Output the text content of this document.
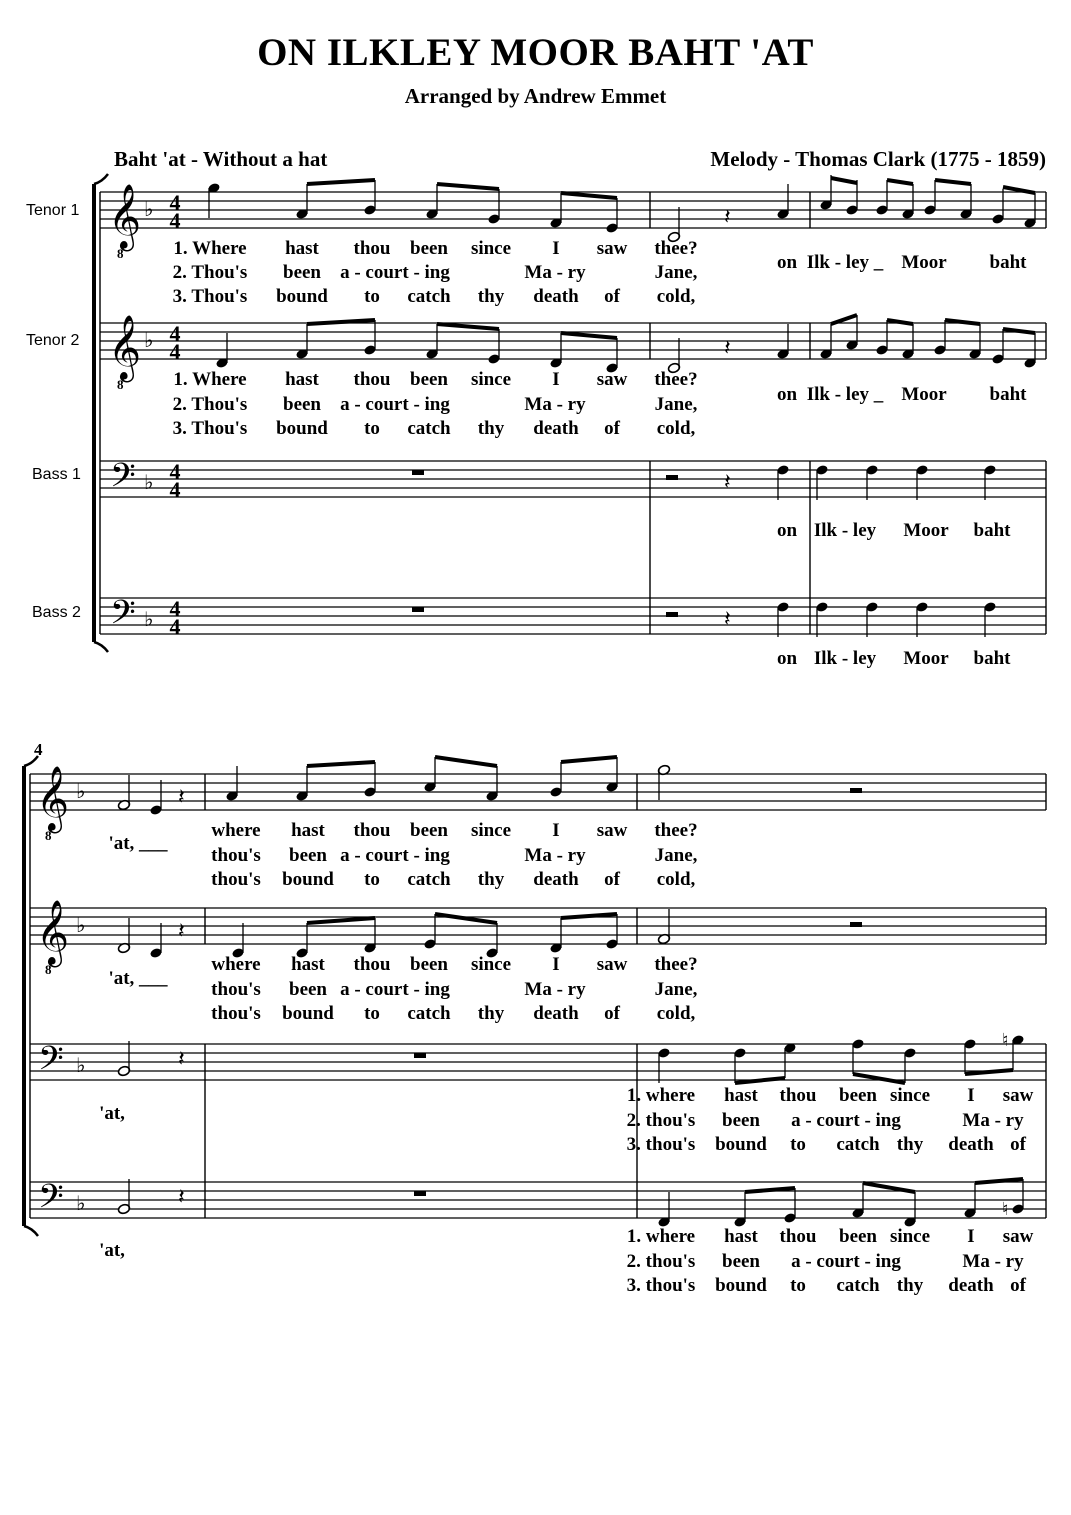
ON ILKLEY MOOR BAHT 'AT
Arranged by Andrew Emmet
Baht 'at - Without a hat	Melody - Thomas Clark (1775 - 1859)
Tenor 1
Tenor 2
Bass 1
Bass 2
4
𝄞
8
𝄞
8
𝄢
𝄢
♭
♭
♭
♭
4
4
4
4
4
4
4
4
𝄽
𝄽
𝄽
𝄽
𝄞
8
𝄞
8
𝄢
𝄢
♭
♭
♭
♭
𝄽
𝄽
𝄽
♮
𝄽	♮
1. Where hast thou been since I saw thee?
2. Thou's been a - court - ing	Ma - ry	Jane,
3. Thou's bound to catch thy death of cold,
on Ilk - ley _ Moor baht
1. Where hast thou been since I saw thee?
2. Thou's been a - court - ing	Ma - ry	Jane,
3. Thou's bound to catch thy death of cold,
on Ilk - ley _ Moor baht
on Ilk - ley Moor baht
on Ilk - ley Moor baht
where hast thou been since I saw thee?
thou's been a - court - ing	Ma - ry	Jane,
thou's bound to catch thy death of cold,
'at, ___
where hast thou been since I saw thee?
thou's been a - court - ing	Ma - ry	Jane,
thou's bound to catch thy death of cold,
'at, ___
'at,
'at,
1. where hast thou been since I saw
2. thou's been a - court - ing	Ma - ry
3. thou's bound to catch thy death of
1. where hast thou been since I saw
2. thou's been a - court - ing	Ma - ry
3. thou's bound to catch thy death of
